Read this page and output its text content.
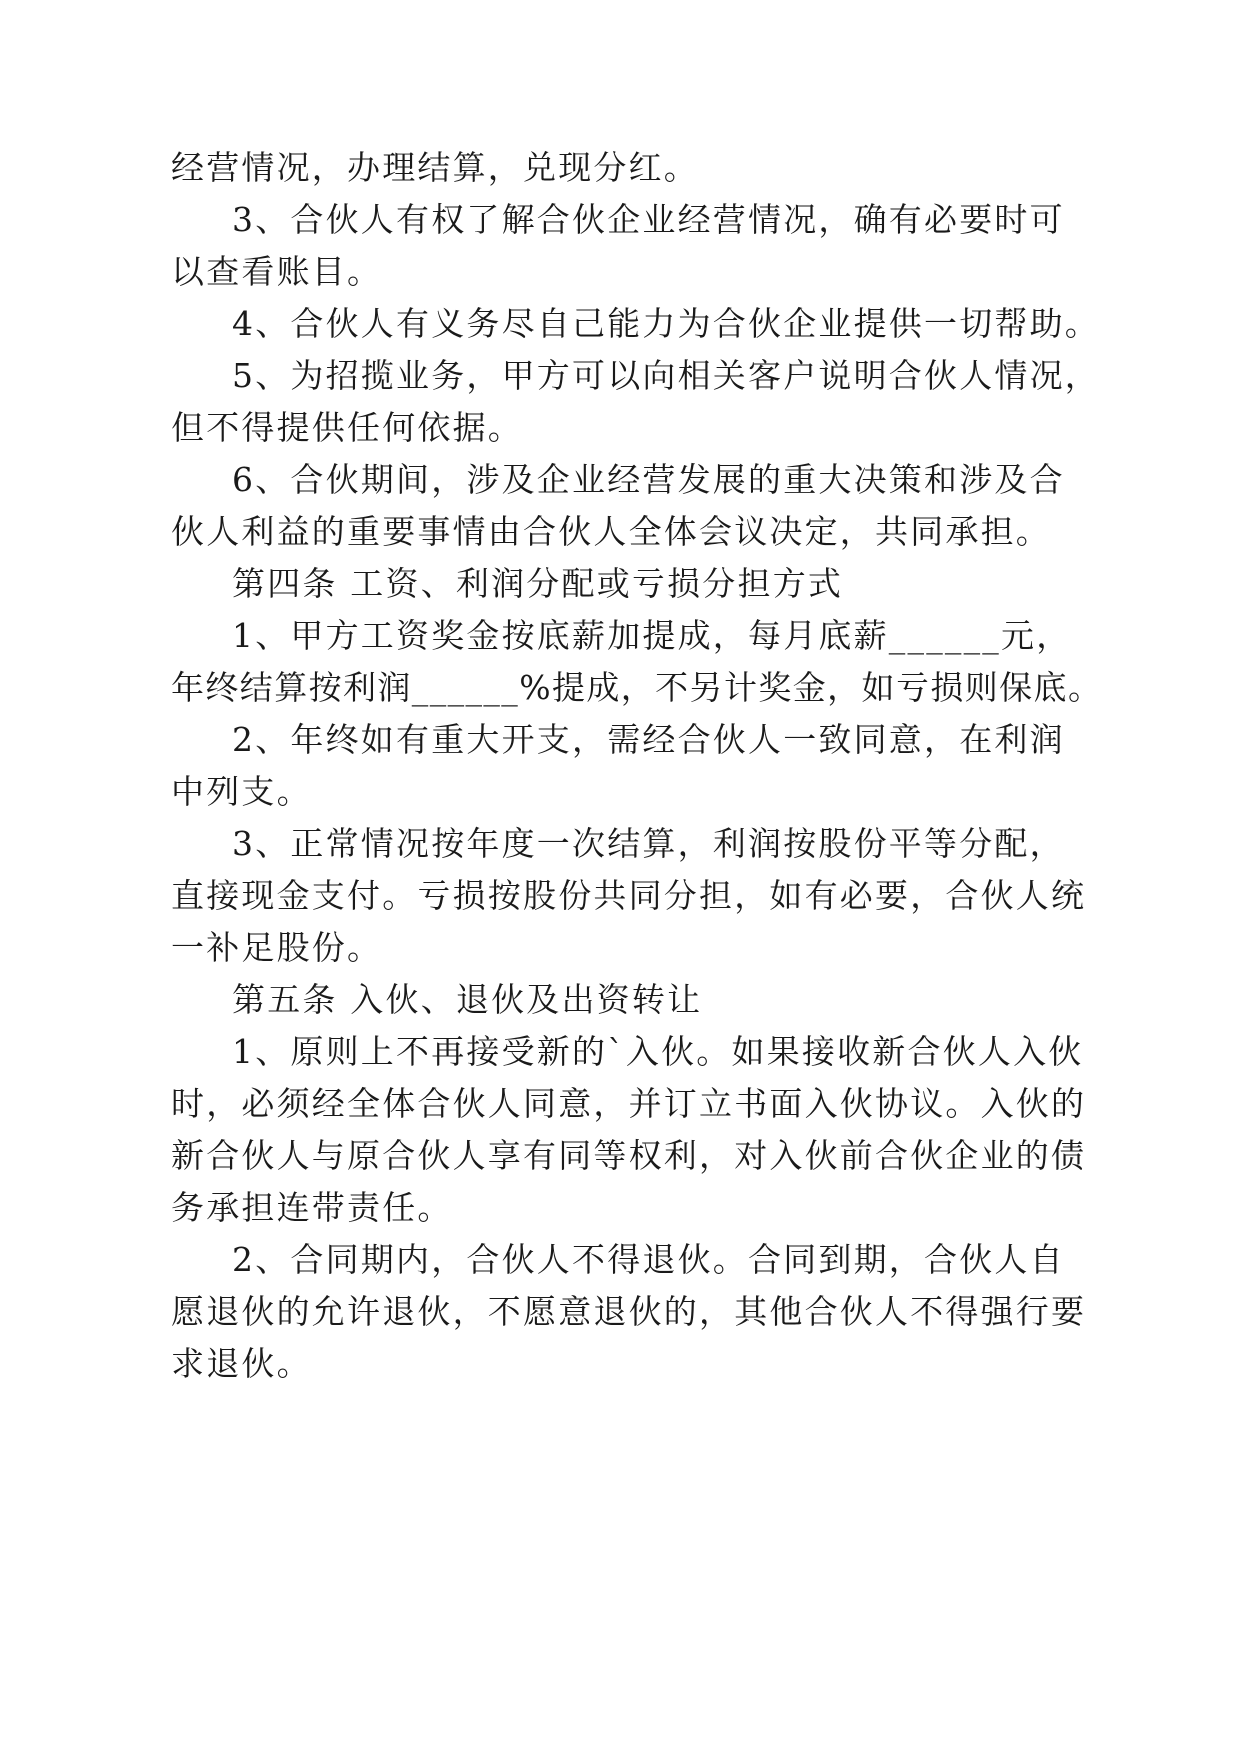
经营情况，办理结算，兑现分红。

3、合伙人有权了解合伙企业经营情况，确有必要时可

以查看账目。

4、合伙人有义务尽自己能力为合伙企业提供一切帮助。

5、为招揽业务，甲方可以向相关客户说明合伙人情况，

但不得提供任何依据。

6、合伙期间，涉及企业经营发展的重大决策和涉及合

伙人利益的重要事情由合伙人全体会议决定，共同承担。

第四条 工资、利润分配或亏损分担方式

1、甲方工资奖金按底薪加提成，每月底薪______元，

年终结算按利润______%提成，不另计奖金，如亏损则保底。

2、年终如有重大开支，需经合伙人一致同意，在利润

中列支。

3、正常情况按年度一次结算，利润按股份平等分配，

直接现金支付。亏损按股份共同分担，如有必要，合伙人统

一补足股份。

第五条 入伙、退伙及出资转让

1、原则上不再接受新的`入伙。如果接收新合伙人入伙

时，必须经全体合伙人同意，并订立书面入伙协议。入伙的

新合伙人与原合伙人享有同等权利，对入伙前合伙企业的债

务承担连带责任。

2、合同期内，合伙人不得退伙。合同到期，合伙人自

愿退伙的允许退伙，不愿意退伙的，其他合伙人不得强行要

求退伙。
